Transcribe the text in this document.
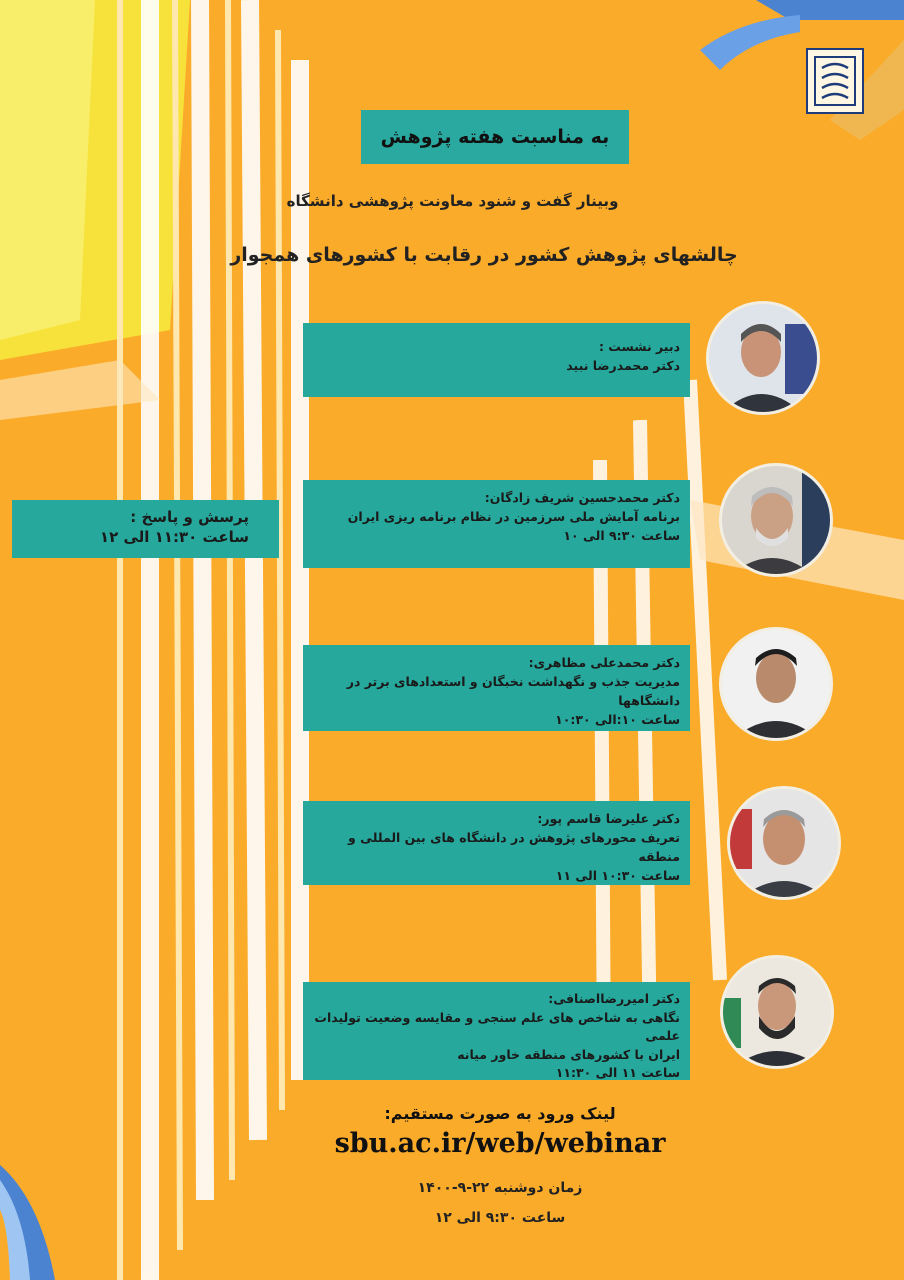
به مناسبت هفته پژوهش
وبینار گفت و شنود معاونت پژوهشی دانشگاه
چالشهای پژوهش کشور در رقابت با کشورهای همجوار
پرسش و پاسخ :
ساعت ۱۱:۳۰ الی ۱۲
دبیر نشست :
دکتر محمدرضا نبید
دکتر محمدحسین شریف زادگان:
برنامه آمایش ملی سرزمین در نظام برنامه ریزی ایران
ساعت ۹:۳۰ الی ۱۰
دکتر محمدعلی مظاهری:
مدیریت جذب و نگهداشت نخبگان و استعدادهای برتر در دانشگاهها
ساعت ۱۰:الی ۱۰:۳۰
دکتر علیرضا قاسم پور:
تعریف محورهای پژوهش در دانشگاه های بین المللی و منطقه
ساعت ۱۰:۳۰ الی ۱۱
دکتر امیررضااصنافی:
نگاهی به شاخص های علم سنجی و مقایسه وضعیت تولیدات علمی
ایران با کشورهای منطقه خاور میانه
ساعت ۱۱ الی ۱۱:۳۰
لینک ورود به صورت مستقیم:
sbu.ac.ir/web/webinar
زمان دوشنبه ۲۲-۹-۱۴۰۰
ساعت ۹:۳۰ الی ۱۲
